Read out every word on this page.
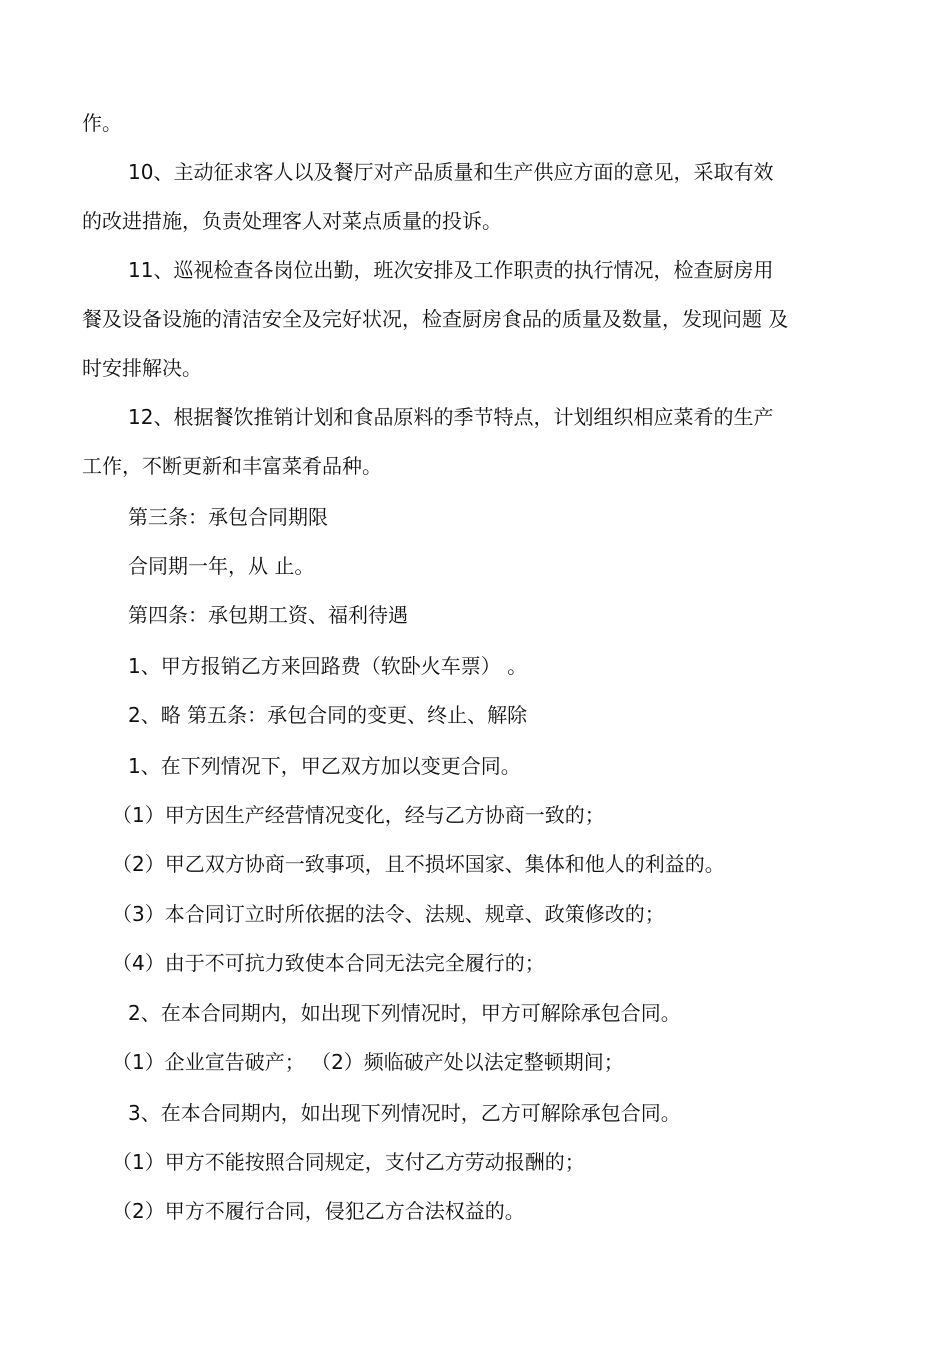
作。
10、主动征求客人以及餐厅对产品质量和生产供应方面的意见，采取有效
的改进措施，负责处理客人对菜点质量的投诉。
11、巡视检查各岗位出勤，班次安排及工作职责的执行情况，检查厨房用
餐及设备设施的清洁安全及完好状况，检查厨房食品的质量及数量，发现问题 及
时安排解决。
12、根据餐饮推销计划和食品原料的季节特点，计划组织相应菜肴的生产
工作，不断更新和丰富菜肴品种。
第三条：承包合同期限
合同期一年，从 止。
第四条：承包期工资、福利待遇
1、甲方报销乙方来回路费（软卧火车票） 。
2、略 第五条：承包合同的变更、终止、解除
1、在下列情况下，甲乙双方加以变更合同。
（1）甲方因生产经营情况变化，经与乙方协商一致的；
（2）甲乙双方协商一致事项，且不损坏国家、集体和他人的利益的。
（3）本合同订立时所依据的法令、法规、规章、政策修改的；
（4）由于不可抗力致使本合同无法完全履行的；
2、在本合同期内，如出现下列情况时，甲方可解除承包合同。
（1）企业宣告破产； （2）频临破产处以法定整顿期间；
3、在本合同期内，如出现下列情况时，乙方可解除承包合同。
（1）甲方不能按照合同规定，支付乙方劳动报酬的；
（2）甲方不履行合同，侵犯乙方合法权益的。
